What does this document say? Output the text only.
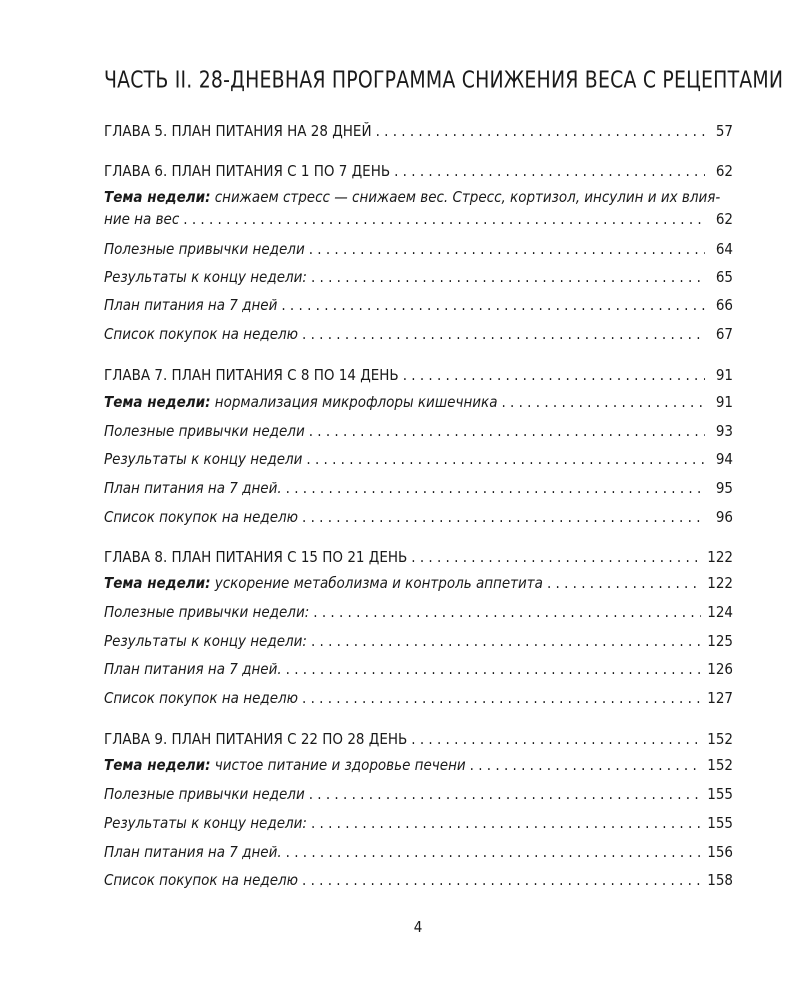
ЧАСТЬ II. 28-ДНЕВНАЯ ПРОГРАММА СНИЖЕНИЯ ВЕСА С РЕЦЕПТАМИ
ГЛАВА 5. ПЛАН ПИТАНИЯ НА 28 ДНЕЙ . . .	57
ГЛАВА 6. ПЛАН ПИТАНИЯ С 1 ПО 7 ДЕНЬ . . .	62
Тема недели: снижаем стресс — снижаем вес. Стресс, кортизол, инсулин и их влия-
ние на вес . . .	62
Полезные привычки недели . . .	64
Результаты к концу недели: . . .	65
План питания на 7 дней . . .	66
Список покупок на неделю . . .	67
ГЛАВА 7. ПЛАН ПИТАНИЯ С 8 ПО 14 ДЕНЬ . . .	91
Тема недели: нормализация микрофлоры кишечника . . .	91
Полезные привычки недели . . .	93
Результаты к концу недели . . .	94
План питания на 7 дней. . . .	95
Список покупок на неделю . . .	96
ГЛАВА 8. ПЛАН ПИТАНИЯ С 15 ПО 21 ДЕНЬ . . .	122
Тема недели: ускорение метаболизма и контроль аппетита . . .	122
Полезные привычки недели: . . .	124
Результаты к концу недели: . . .	125
План питания на 7 дней. . . .	126
Список покупок на неделю . . .	127
ГЛАВА 9. ПЛАН ПИТАНИЯ С 22 ПО 28 ДЕНЬ . . .	152
Тема недели: чистое питание и здоровье печени . . .	152
Полезные привычки недели . . .	155
Результаты к концу недели: . . .	155
План питания на 7 дней. . . .	156
Список покупок на неделю . . .	158
4
